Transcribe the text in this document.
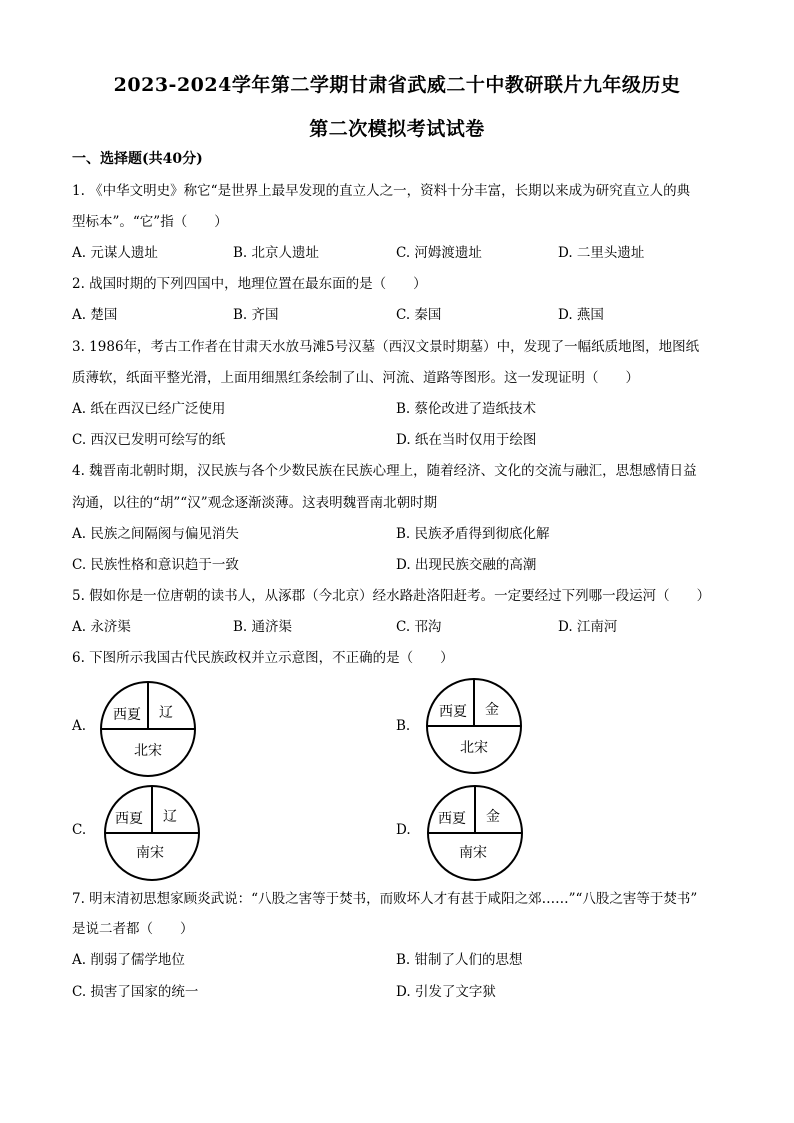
2023-2024学年第二学期甘肃省武威二十中教研联片九年级历史
第二次模拟考试试卷
一、选择题(共40分)
1. 《中华文明史》称它“是世界上最早发现的直立人之一，资料十分丰富，长期以来成为研究直立人的典
型标本”。“它”指（　　）
A. 元谋人遗址	B. 北京人遗址	C. 河姆渡遗址	D. 二里头遗址
2. 战国时期的下列四国中，地理位置在最东面的是（　　）
A. 楚国	B. 齐国	C. 秦国	D. 燕国
3. 1986年，考古工作者在甘肃天水放马滩5号汉墓（西汉文景时期墓）中，发现了一幅纸质地图，地图纸
质薄软，纸面平整光滑，上面用细黑红条绘制了山、河流、道路等图形。这一发现证明（　　）
A. 纸在西汉已经广泛使用	B. 蔡伦改进了造纸技术
C. 西汉已发明可绘写的纸	D. 纸在当时仅用于绘图
4. 魏晋南北朝时期，汉民族与各个少数民族在民族心理上，随着经济、文化的交流与融汇，思想感情日益
沟通，以往的“胡”“汉”观念逐渐淡薄。这表明魏晋南北朝时期
A. 民族之间隔阂与偏见消失	B. 民族矛盾得到彻底化解
C. 民族性格和意识趋于一致	D. 出现民族交融的高潮
5. 假如你是一位唐朝的读书人，从涿郡（今北京）经水路赴洛阳赶考。一定要经过下列哪一段运河（　　）
A. 永济渠	B. 通济渠	C. 邗沟	D. 江南河
6. 下图所示我国古代民族政权并立示意图，不正确的是（　　）
A.
西夏 辽
北宋
B.
西夏 金
北宋
C.
西夏 辽
南宋
D.
西夏 金
南宋
7. 明末清初思想家顾炎武说：“八股之害等于焚书，而败坏人才有甚于咸阳之郊……”“八股之害等于焚书”
是说二者都（　　）
A. 削弱了儒学地位	B. 钳制了人们的思想
C. 损害了国家的统一	D. 引发了文字狱
